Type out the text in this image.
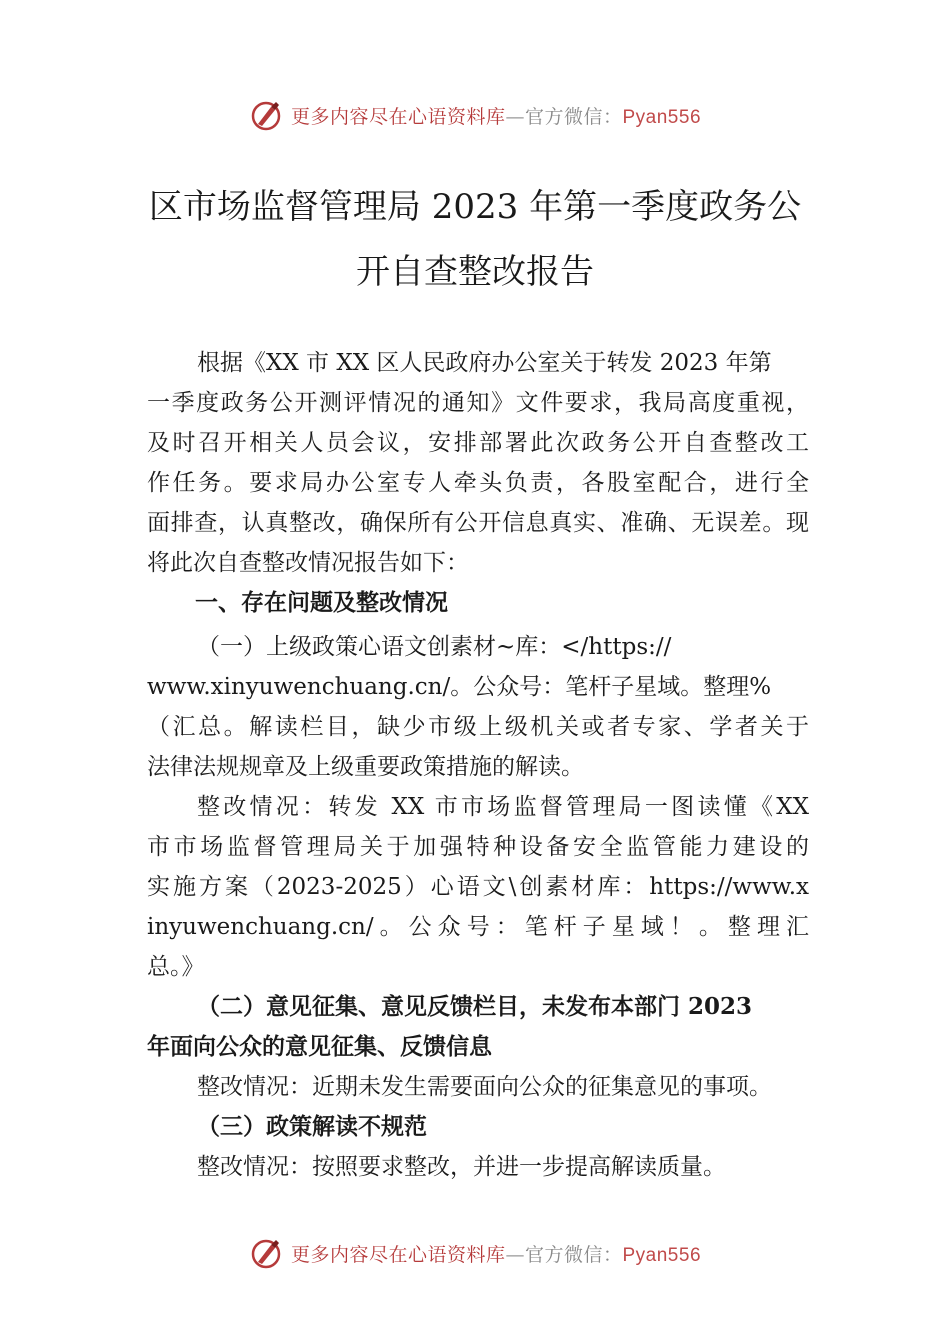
更多内容尽在心语资料库—官方微信：Pyan556
区市场监督管理局 2023 年第一季度政务公
开自查整改报告

根据《XX 市 XX 区人民政府办公室关于转发 2023 年第

一季度政务公开测评情况的通知》文件要求，我局高度重视，

及时召开相关人员会议，安排部署此次政务公开自查整改工

作任务。要求局办公室专人牵头负责，各股室配合，进行全

面排查，认真整改，确保所有公开信息真实、准确、无误差。现

将此次自查整改情况报告如下：

一、存在问题及整改情况

（一）上级政策心语文创素材~库：</https://

www.xinyuwenchuang.cn/。公众号：笔杆子星域。整理%

（汇总。解读栏目，缺少市级上级机关或者专家、学者关于

法律法规规章及上级重要政策措施的解读。

整改情况：转发 XX 市市场监督管理局一图读懂《XX

市市场监督管理局关于加强特种设备安全监管能力建设的

实施方案（2023-2025）心语文\创素材库：https://www.x

inyuwenchuang.cn/。公众号：笔杆子星域！。整理汇

总。》

（二）意见征集、意见反馈栏目，未发布本部门 2023

年面向公众的意见征集、反馈信息

整改情况：近期未发生需要面向公众的征集意见的事项。

（三）政策解读不规范

整改情况：按照要求整改，并进一步提高解读质量。

更多内容尽在心语资料库—官方微信：Pyan556
